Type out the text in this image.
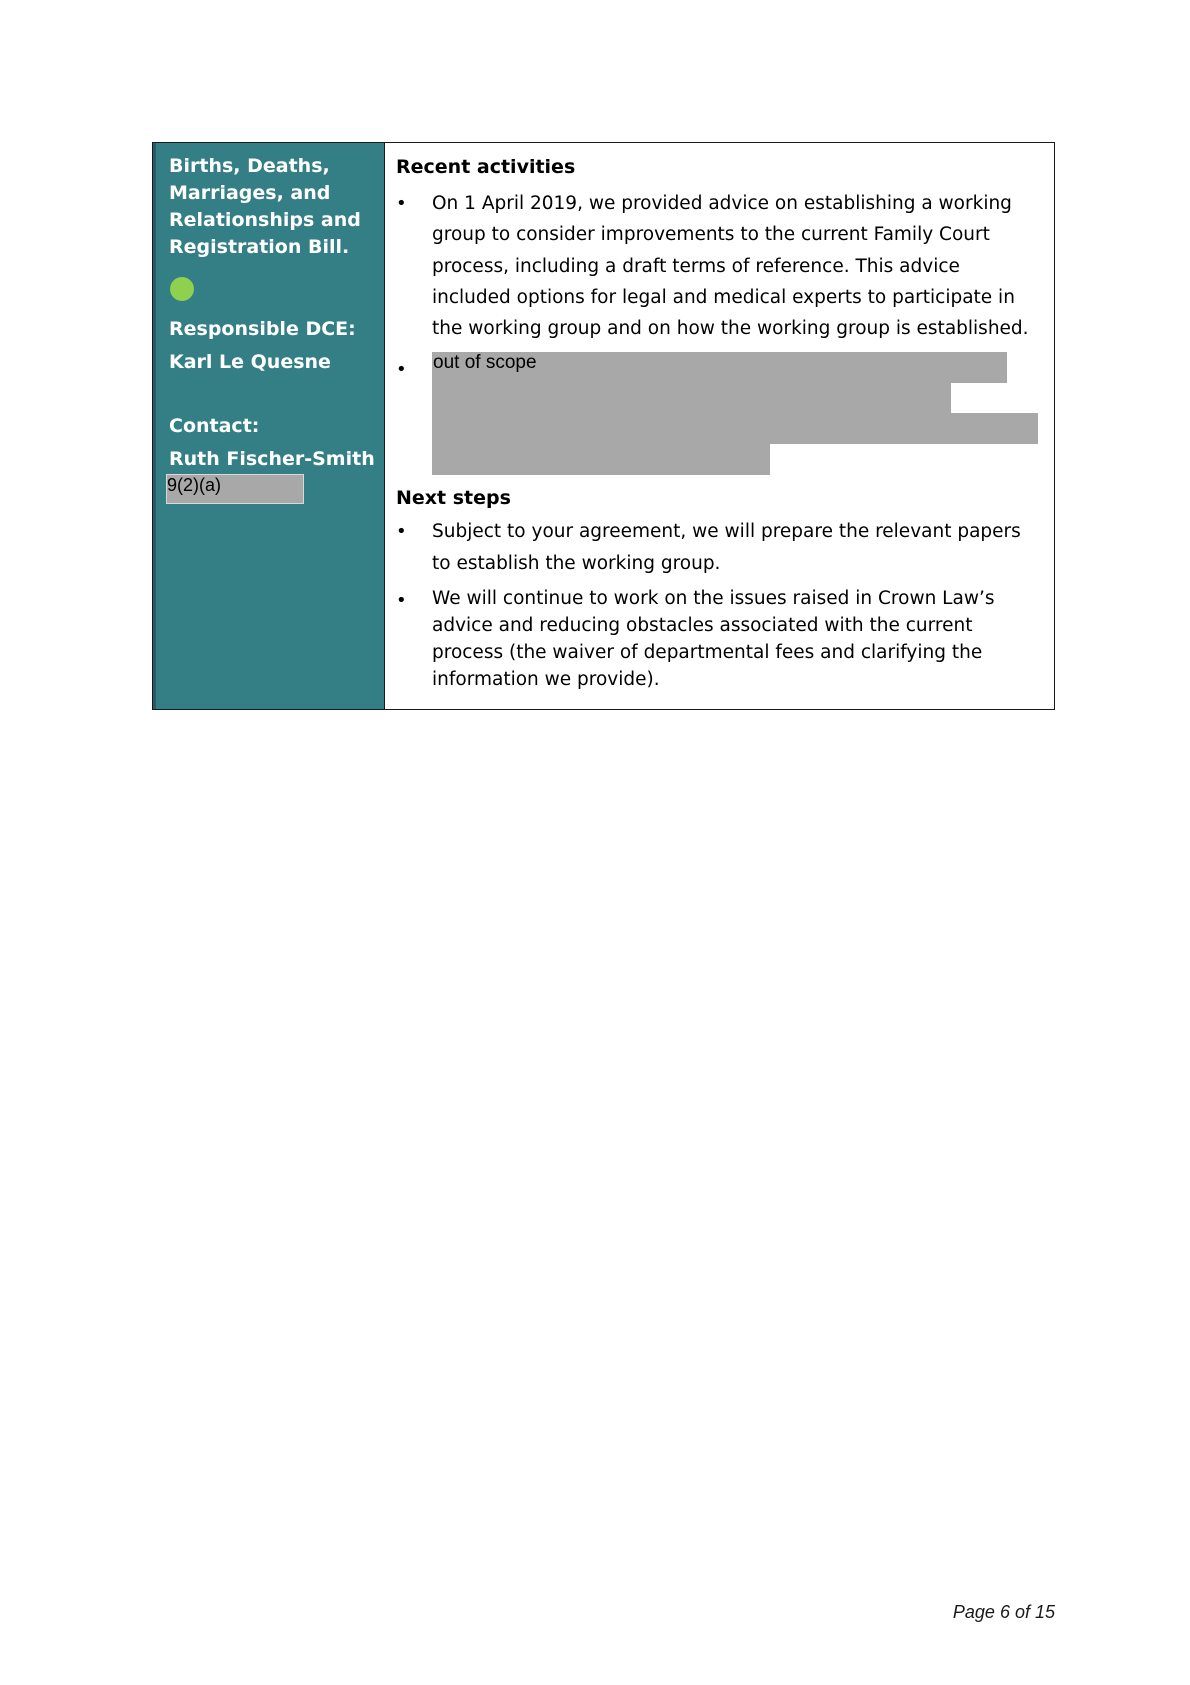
Births, Deaths,
Marriages, and
Relationships and
Registration Bill.
Responsible DCE:
Karl Le Quesne
Contact:
Ruth Fischer-Smith
9(2)(a)
Recent activities
•	On 1 April 2019, we provided advice on establishing a working group to consider improvements to the current Family Court process, including a draft terms of reference. This advice included options for legal and medical experts to participate in the working group and on how the working group is established.
•	out of scope
Next steps
•	Subject to your agreement, we will prepare the relevant papers to establish the working group.
•	We will continue to work on the issues raised in Crown Law’s advice and reducing obstacles associated with the current process (the waiver of departmental fees and clarifying the information we provide).
Page 6 of 15
